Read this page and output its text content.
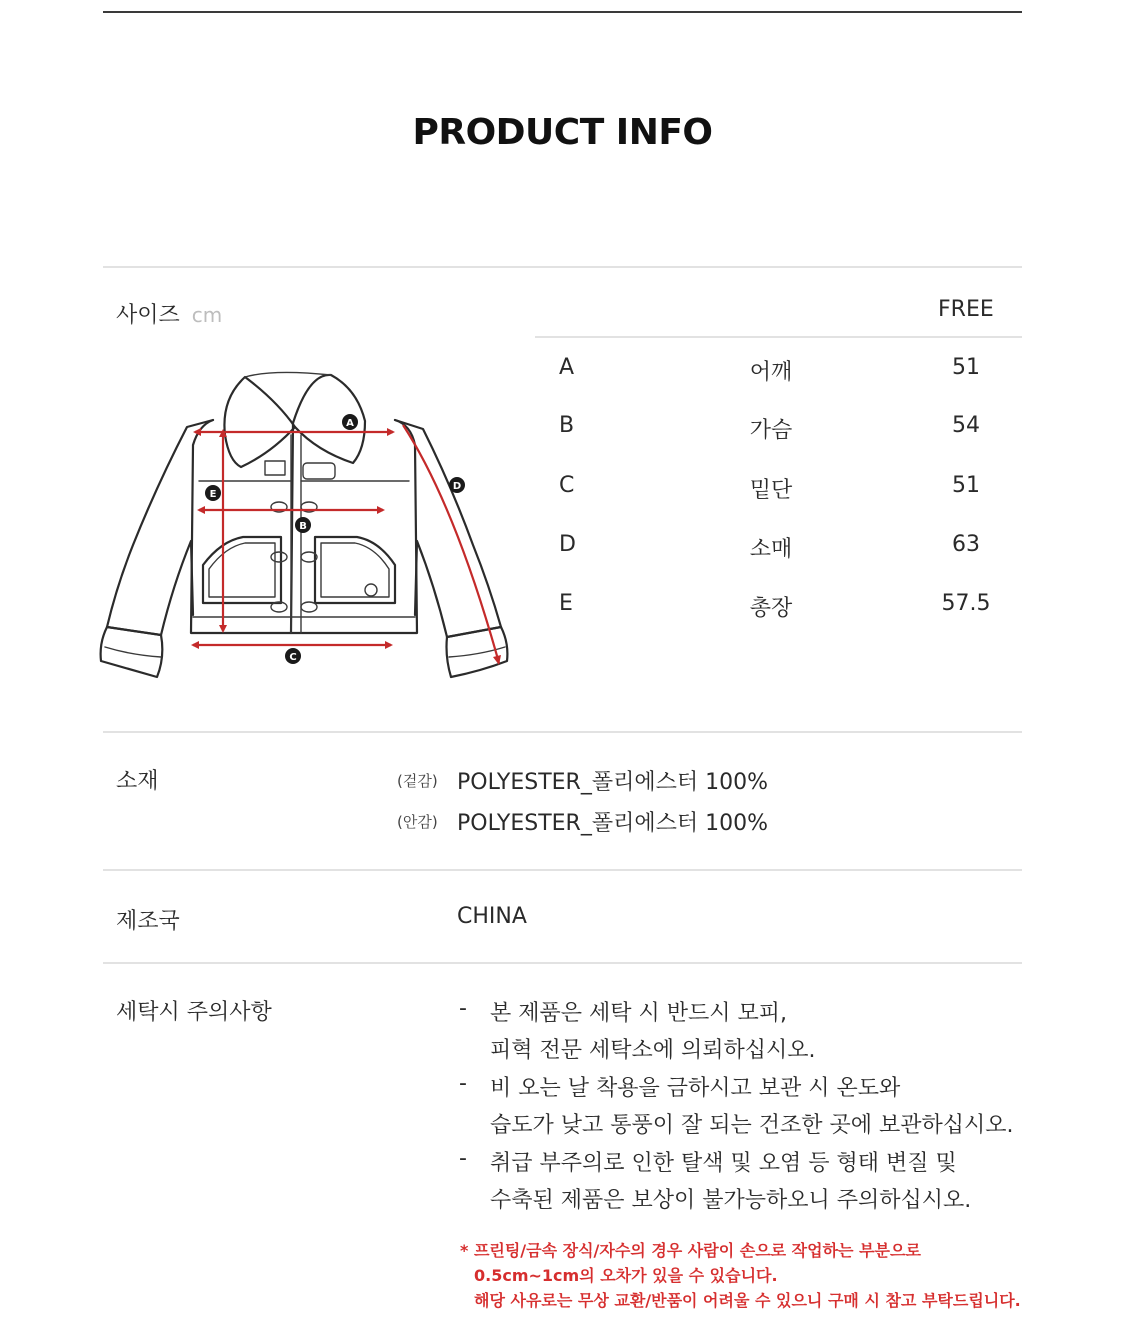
PRODUCT INFO
사이즈 cm	FREE
A	어깨	51
B	가슴	54
C	밑단	51
D	소매	63
E	총장	57.5
A
B
C
D
E
소재	(겉감) POLYESTER_폴리에스터 100%
(안감) POLYESTER_폴리에스터 100%
제조국	CHINA
세탁시 주의사항	- 본 제품은 세탁 시 반드시 모피,
피혁 전문 세탁소에 의뢰하십시오.
- 비 오는 날 착용을 금하시고 보관 시 온도와
습도가 낮고 통풍이 잘 되는 건조한 곳에 보관하십시오.
- 취급 부주의로 인한 탈색 및 오염 등 형태 변질 및
수축된 제품은 보상이 불가능하오니 주의하십시오.
* 프린팅/금속 장식/자수의 경우 사람이 손으로 작업하는 부분으로
0.5cm~1cm의 오차가 있을 수 있습니다.
해당 사유로는 무상 교환/반품이 어려울 수 있으니 구매 시 참고 부탁드립니다.
